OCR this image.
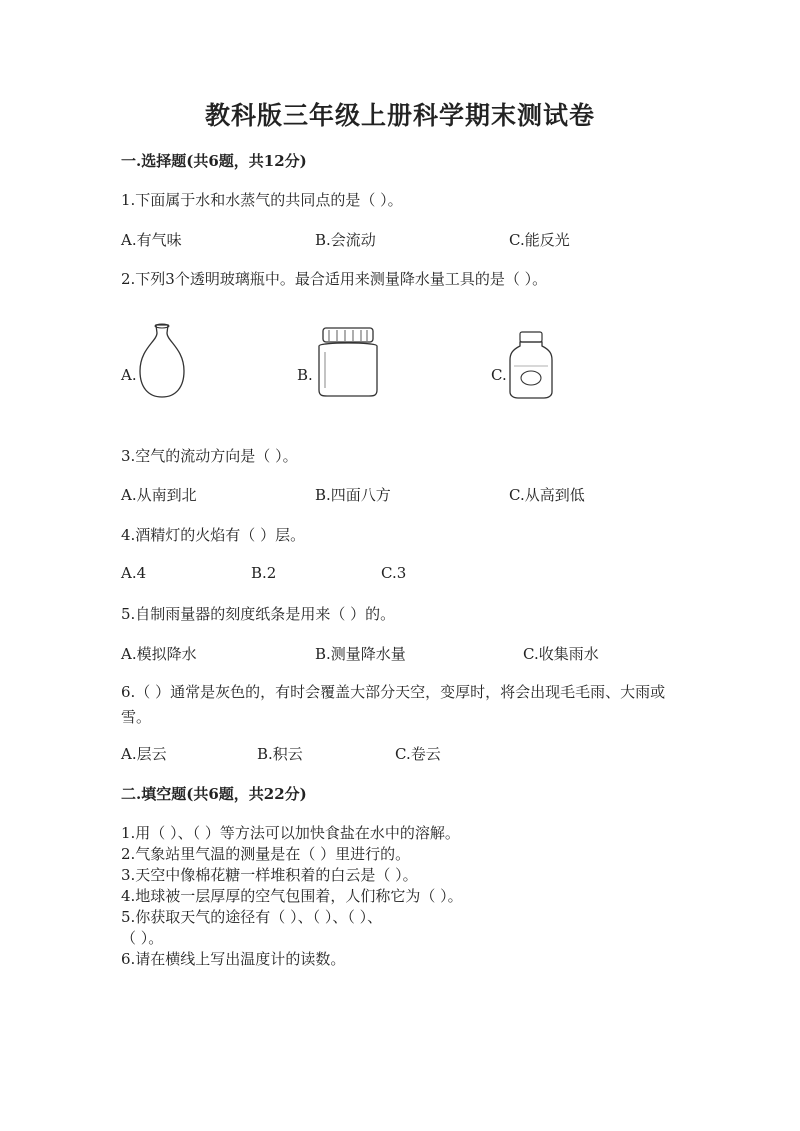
教科版三年级上册科学期末测试卷
一.选择题(共6题，共12分)
1.下面属于水和水蒸气的共同点的是（ ）。
A.有气味	B.会流动	C.能反光
2.下列3个透明玻璃瓶中。最合适用来测量降水量工具的是（ ）。
A.	B.	C.
3.空气的流动方向是（ ）。
A.从南到北	B.四面八方	C.从高到低
4.酒精灯的火焰有（ ）层。
A.4	B.2	C.3
5.自制雨量器的刻度纸条是用来（ ）的。
A.模拟降水	B.测量降水量	C.收集雨水
6.（ ）通常是灰色的，有时会覆盖大部分天空，变厚时，将会出现毛毛雨、大雨或雪。
A.层云	B.积云	C.卷云
二.填空题(共6题，共22分)
1.用（ ）、（ ）等方法可以加快食盐在水中的溶解。
2.气象站里气温的测量是在（ ）里进行的。
3.天空中像棉花糖一样堆积着的白云是（ ）。
4.地球被一层厚厚的空气包围着，人们称它为（ ）。
5.你获取天气的途径有（ ）、（ ）、（ ）、
（ ）。
6.请在横线上写出温度计的读数。
